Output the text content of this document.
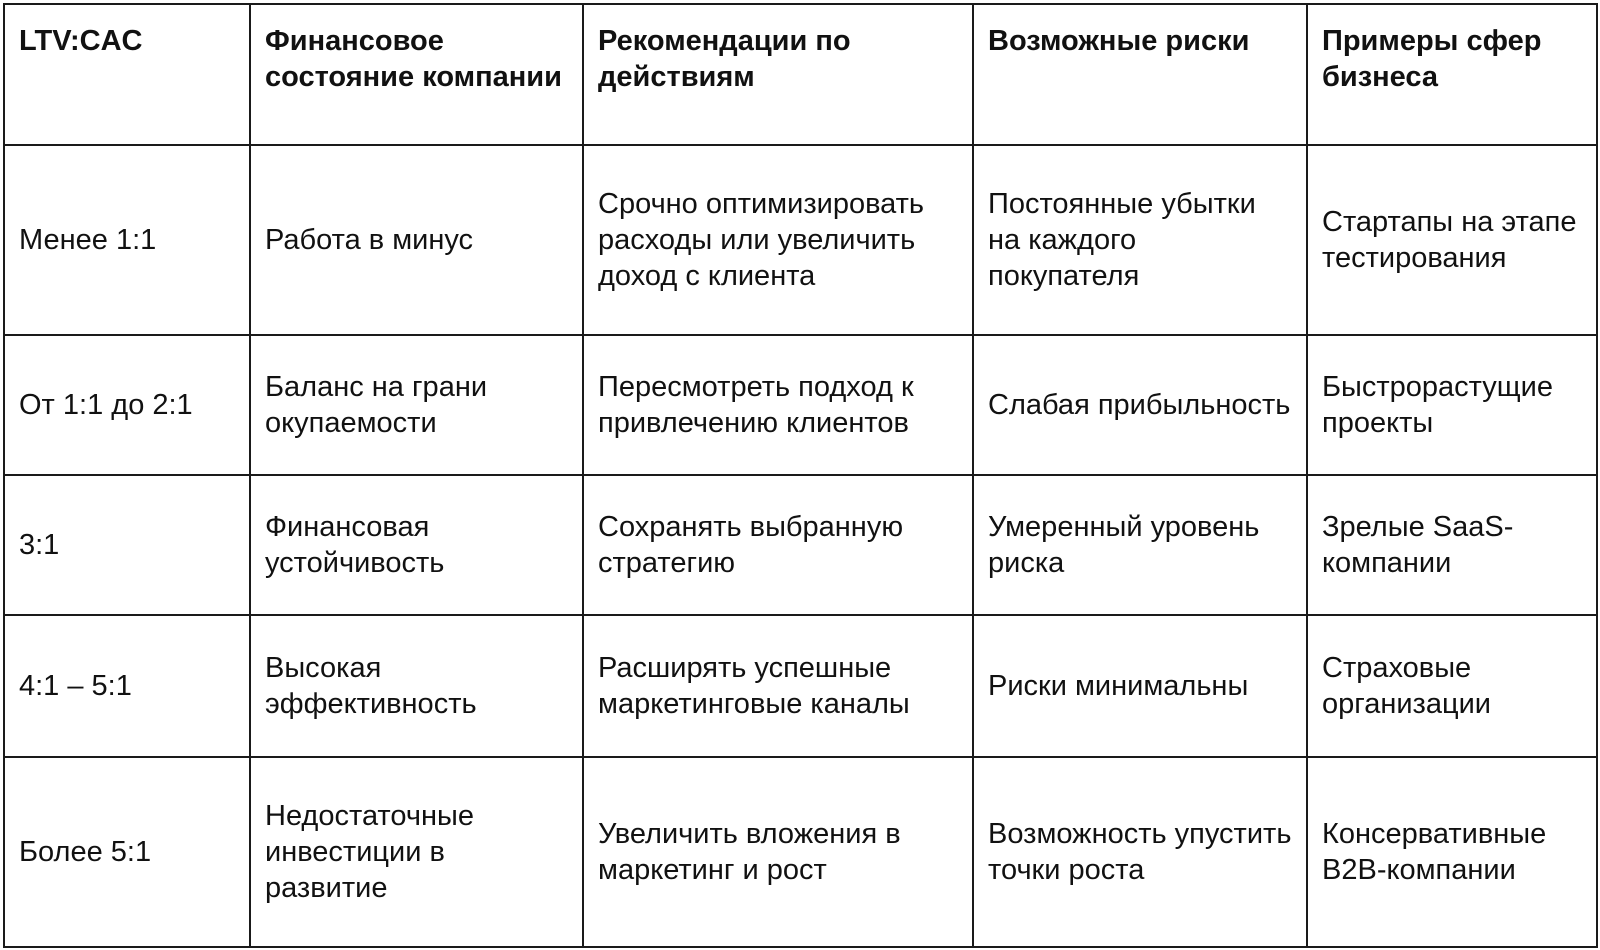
LTV:CAC	Финансовое состояние компании	Рекомендации по действиям	Возможные риски	Примеры сфер бизнеса

Менее 1:1	Работа в минус	Срочно оптимизировать расходы или увеличить доход с клиента	Постоянные убытки на каждого покупателя	Стартапы на этапе тестирования
От 1:1 до 2:1	Баланс на грани окупаемости	Пересмотреть подход к привлечению клиентов	Слабая прибыльность	Быстрорастущие проекты
3:1	Финансовая устойчивость	Сохранять выбранную стратегию	Умеренный уровень риска	Зрелые SaaS-компании
4:1 – 5:1	Высокая эффективность	Расширять успешные маркетинговые каналы	Риски минимальны	Страховые организации
Более 5:1	Недостаточные инвестиции в развитие	Увеличить вложения в маркетинг и рост	Возможность упустить точки роста	Консервативные B2B-компании
